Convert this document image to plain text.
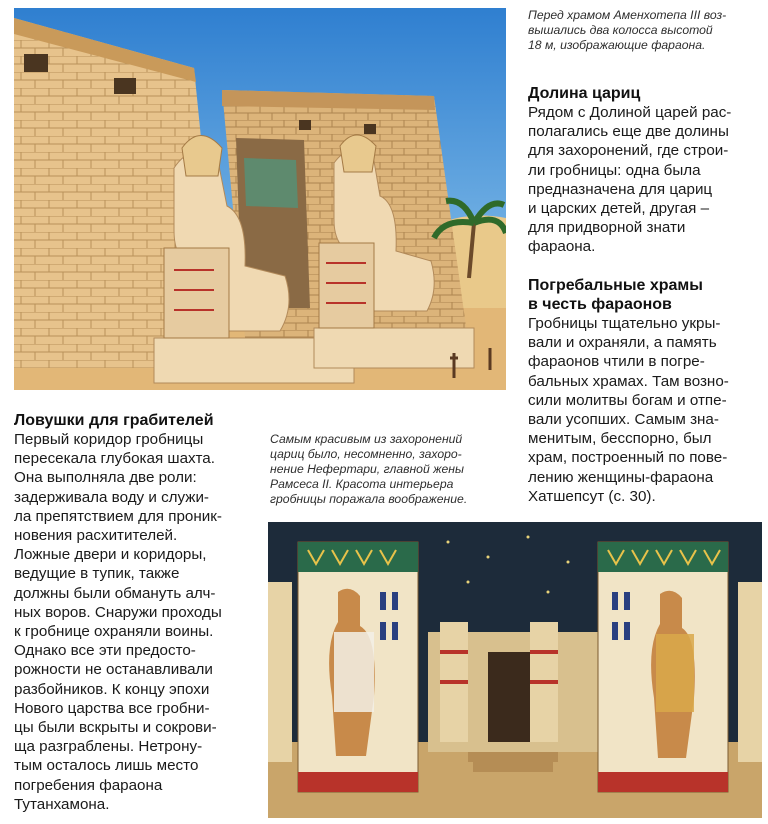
Перед храмом Аменхотепа III воз-
вышались два колосса высотой
18 м, изображающие фараона.
Долина цариц
Рядом с Долиной царей рас-
полагались еще две долины
для захоронений, где строи-
ли гробницы: одна была
предназначена для цариц
и царских детей, другая –
для придворной знати
фараона.
Погребальные храмы
в честь фараонов
Гробницы тщательно укры-
вали и охраняли, а память
фараонов чтили в погре-
бальных храмах. Там возно-
сили молитвы богам и отпе-
вали усопших. Самым зна-
менитым, бесспорно, был
храм, построенный по пове-
лению женщины-фараона
Хатшепсут (с. 30).
Ловушки для грабителей
Первый коридор гробницы
пересекала глубокая шахта.
Она выполняла две роли:
задерживала воду и служи-
ла препятствием для проник-
новения расхитителей.
Ложные двери и коридоры,
ведущие в тупик, также
должны были обмануть алч-
ных воров. Снаружи проходы
к гробнице охраняли воины.
Однако все эти предосто-
рожности не останавливали
разбойников. К концу эпохи
Нового царства все гробни-
цы были вскрыты и сокрови-
ща разграблены. Нетрону-
тым осталось лишь место
погребения фараона
Тутанхамона.
Самым красивым из захоронений
цариц было, несомненно, захоро-
нение Нефертари, главной жены
Рамсеса II. Красота интерьера
гробницы поражала воображение.
